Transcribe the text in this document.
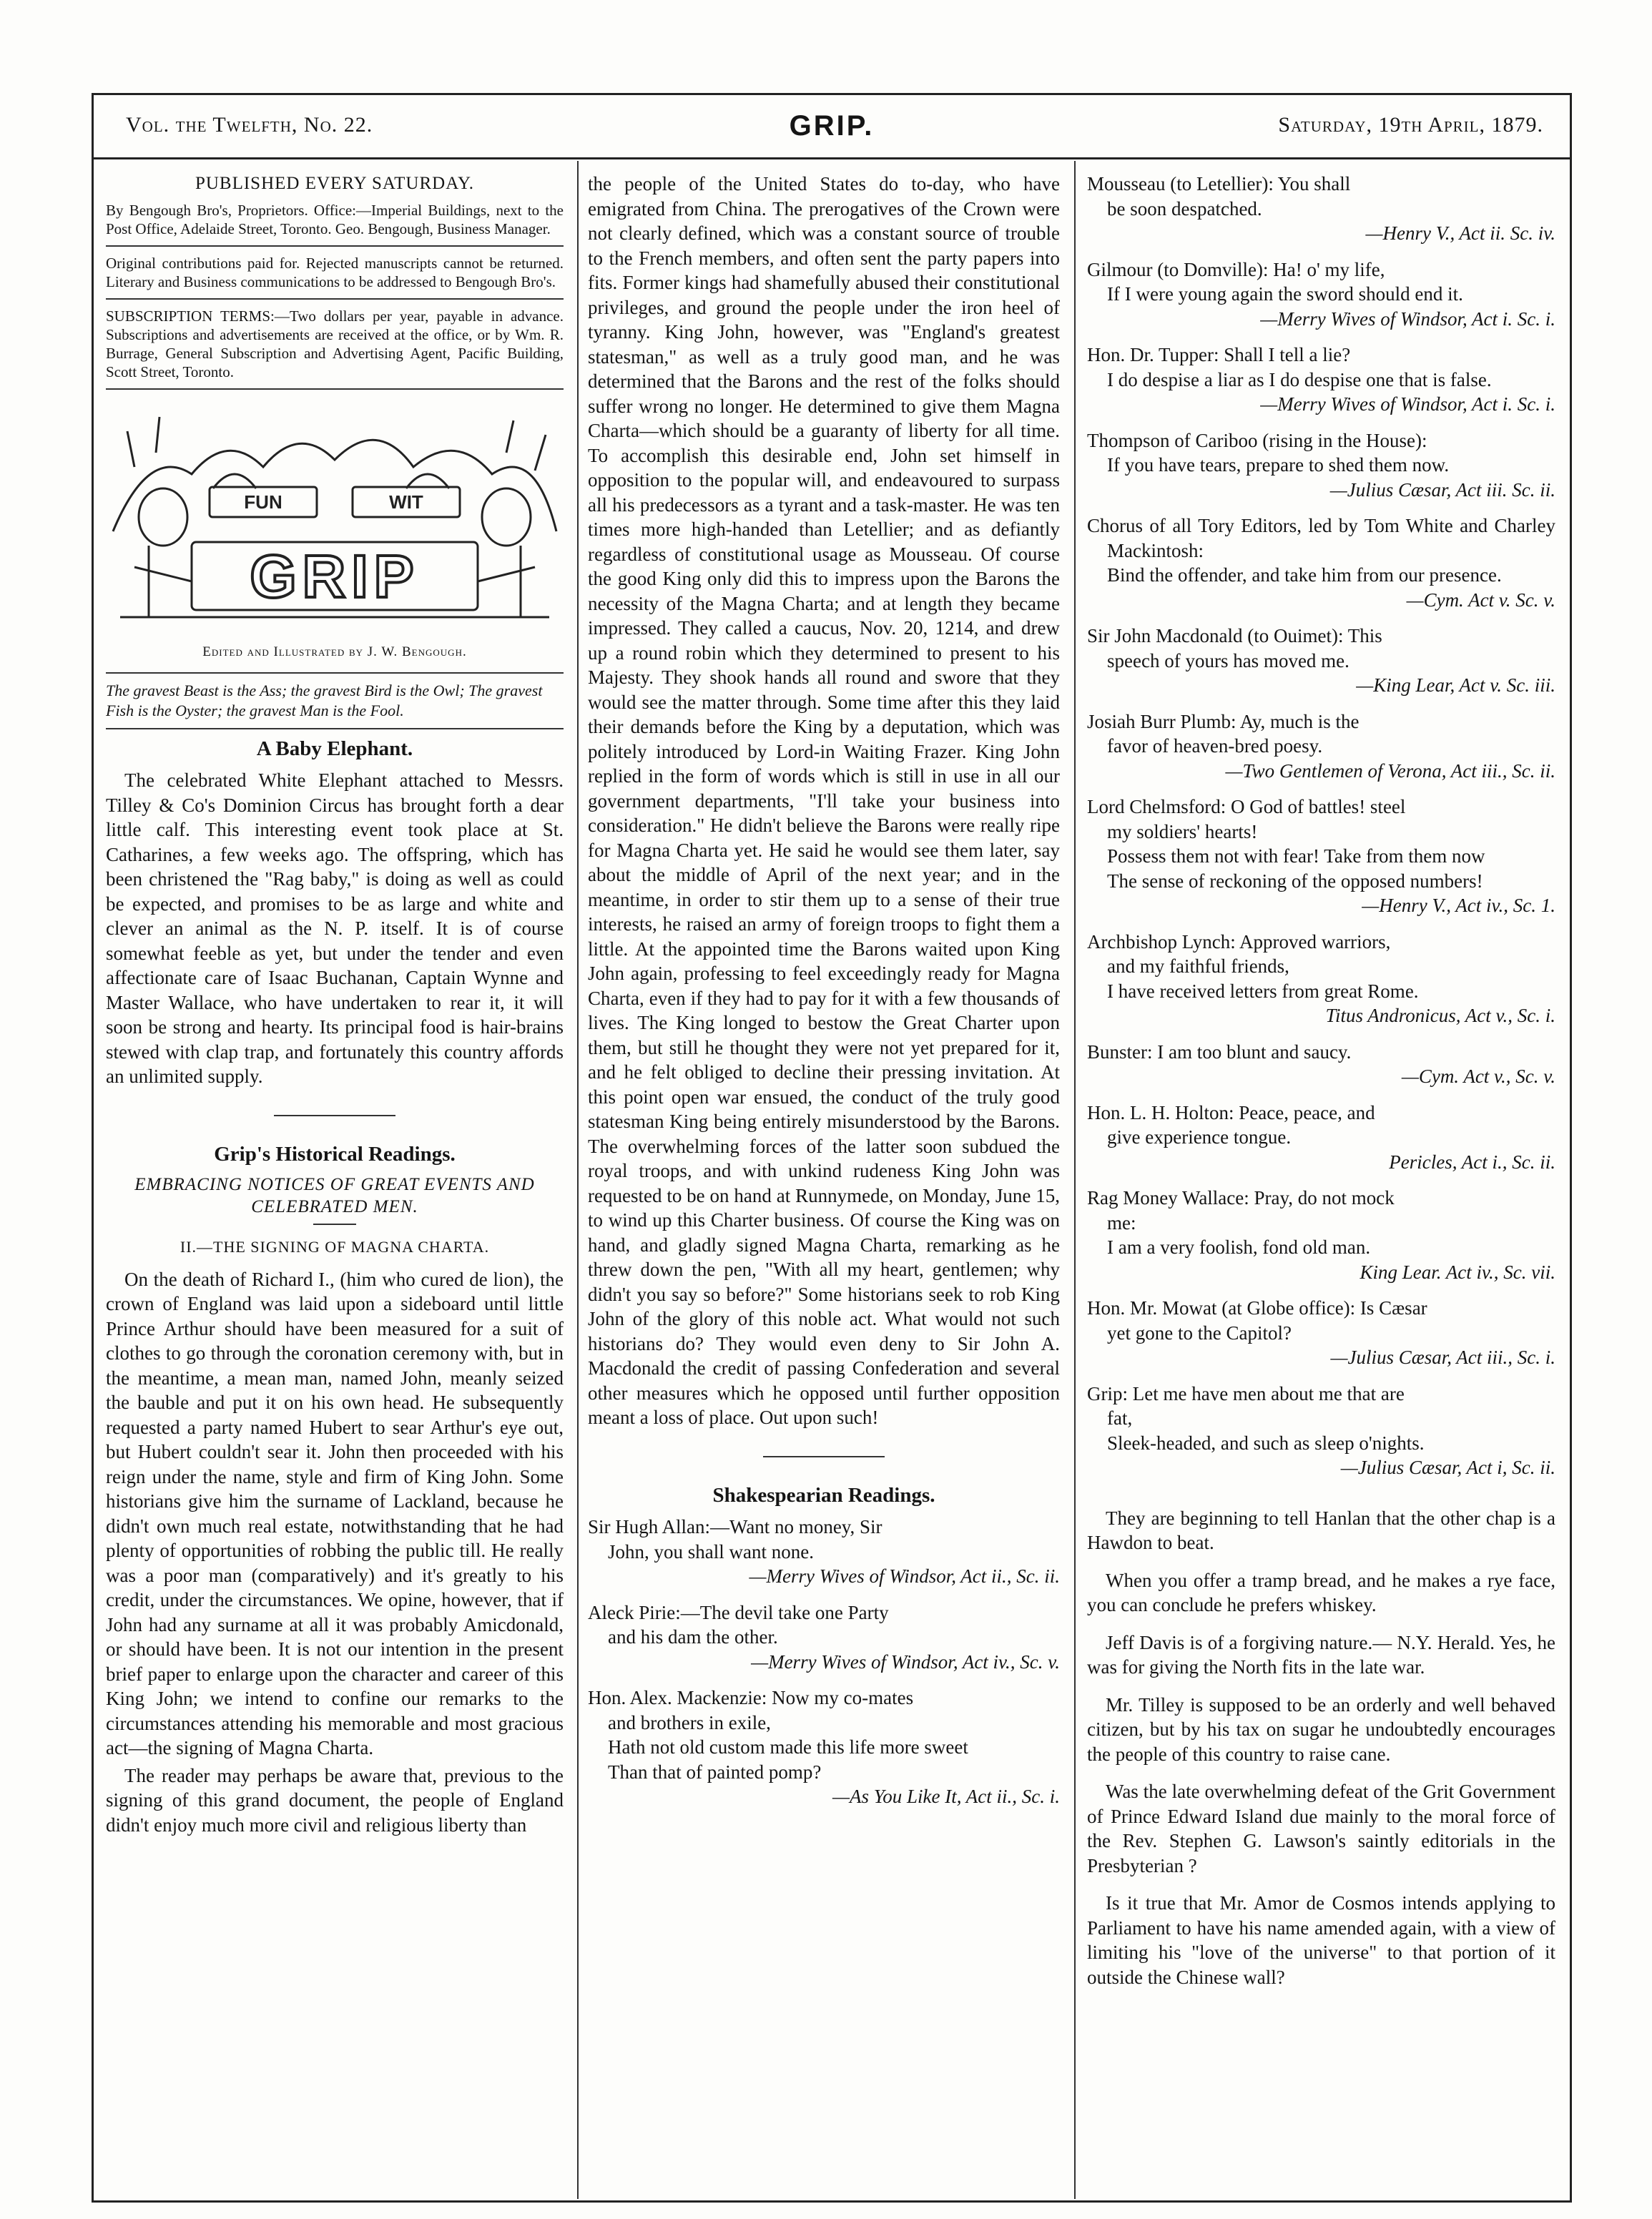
Vol. the Twelfth, No. 22.	GRIP.	Saturday, 19th April, 1879.
PUBLISHED EVERY SATURDAY.
By Bengough Bro's, Proprietors. Office:—Imperial Buildings, next to the Post Office, Adelaide Street, Toronto. Geo. Bengough, Business Manager.
Original contributions paid for. Rejected manuscripts cannot be returned. Literary and Business communications to be addressed to Bengough Bro's.
SUBSCRIPTION TERMS:—Two dollars per year, payable in advance. Subscriptions and advertisements are received at the office, or by Wm. R. Burrage, General Subscription and Advertising Agent, Pacific Building, Scott Street, Toronto.
FUN	WIT
GRIP
Edited and Illustrated by J. W. Bengough.
The gravest Beast is the Ass; the gravest Bird is the Owl; The gravest Fish is the Oyster; the gravest Man is the Fool.
A Baby Elephant.

The celebrated White Elephant attached to Messrs. Tilley & Co's Dominion Circus has brought forth a dear little calf. This interesting event took place at St. Catharines, a few weeks ago. The offspring, which has been christened the "Rag baby," is doing as well as could be expected, and promises to be as large and white and clever an animal as the N. P. itself. It is of course somewhat feeble as yet, but under the tender and even affectionate care of Isaac Buchanan, Captain Wynne and Master Wallace, who have undertaken to rear it, it will soon be strong and hearty. Its principal food is hair-brains stewed with clap trap, and fortunately this country affords an unlimited supply.

Grip's Historical Readings.
EMBRACING NOTICES OF GREAT EVENTS AND CELEBRATED MEN.
II.—THE SIGNING OF MAGNA CHARTA.

On the death of Richard I., (him who cured de lion), the crown of England was laid upon a sideboard until little Prince Arthur should have been measured for a suit of clothes to go through the coronation ceremony with, but in the meantime, a mean man, named John, meanly seized the bauble and put it on his own head. He subsequently requested a party named Hubert to sear Arthur's eye out, but Hubert couldn't sear it. John then proceeded with his reign under the name, style and firm of King John. Some historians give him the surname of Lackland, because he didn't own much real estate, notwithstanding that he had plenty of opportunities of robbing the public till. He really was a poor man (comparatively) and it's greatly to his credit, under the circumstances. We opine, however, that if John had any surname at all it was probably Amicdonald, or should have been. It is not our intention in the present brief paper to enlarge upon the character and career of this King John; we intend to confine our remarks to the circumstances attending his memorable and most gracious act—the signing of Magna Charta.

The reader may perhaps be aware that, previous to the signing of this grand document, the people of England didn't enjoy much more civil and religious liberty than

the people of the United States do to-day, who have emigrated from China. The prerogatives of the Crown were not clearly defined, which was a constant source of trouble to the French members, and often sent the party papers into fits. Former kings had shamefully abused their constitutional privileges, and ground the people under the iron heel of tyranny. King John, however, was "England's greatest statesman," as well as a truly good man, and he was determined that the Barons and the rest of the folks should suffer wrong no longer. He determined to give them Magna Charta—which should be a guaranty of liberty for all time. To accomplish this desirable end, John set himself in opposition to the popular will, and endeavoured to surpass all his predecessors as a tyrant and a task-master. He was ten times more high-handed than Letellier; and as defiantly regardless of constitutional usage as Mousseau. Of course the good King only did this to impress upon the Barons the necessity of the Magna Charta; and at length they became impressed. They called a caucus, Nov. 20, 1214, and drew up a round robin which they determined to present to his Majesty. They shook hands all round and swore that they would see the matter through. Some time after this they laid their demands before the King by a deputation, which was politely introduced by Lord-in Waiting Frazer. King John replied in the form of words which is still in use in all our government departments, "I'll take your business into consideration." He didn't believe the Barons were really ripe for Magna Charta yet. He said he would see them later, say about the middle of April of the next year; and in the meantime, in order to stir them up to a sense of their true interests, he raised an army of foreign troops to fight them a little. At the appointed time the Barons waited upon King John again, professing to feel exceedingly ready for Magna Charta, even if they had to pay for it with a few thousands of lives. The King longed to bestow the Great Charter upon them, but still he thought they were not yet prepared for it, and he felt obliged to decline their pressing invitation. At this point open war ensued, the conduct of the truly good statesman King being entirely misunderstood by the Barons. The overwhelming forces of the latter soon subdued the royal troops, and with unkind rudeness King John was requested to be on hand at Runnymede, on Monday, June 15, to wind up this Charter business. Of course the King was on hand, and gladly signed Magna Charta, remarking as he threw down the pen, "With all my heart, gentlemen; why didn't you say so before?" Some historians seek to rob King John of the glory of this noble act. What would not such historians do? They would even deny to Sir John A. Macdonald the credit of passing Confederation and several other measures which he opposed until further opposition meant a loss of place. Out upon such!

Shakespearian Readings.
Sir Hugh Allan:—Want no money, Sir
John, you shall want none.
—Merry Wives of Windsor, Act ii., Sc. ii.
Aleck Pirie:—The devil take one Party
and his dam the other.
—Merry Wives of Windsor, Act iv., Sc. v.
Hon. Alex. Mackenzie: Now my co-mates
and brothers in exile,
Hath not old custom made this life more sweet
Than that of painted pomp?
—As You Like It, Act ii., Sc. i.
Mousseau (to Letellier): You shall
be soon despatched.
—Henry V., Act ii. Sc. iv.
Gilmour (to Domville): Ha! o' my life,
If I were young again the sword should end it.
—Merry Wives of Windsor, Act i. Sc. i.
Hon. Dr. Tupper: Shall I tell a lie?
I do despise a liar as I do despise one that is false.
—Merry Wives of Windsor, Act i. Sc. i.
Thompson of Cariboo (rising in the House):
If you have tears, prepare to shed them now.
—Julius Cæsar, Act iii. Sc. ii.
Chorus of all Tory Editors, led by Tom White and Charley Mackintosh:
Bind the offender, and take him from our presence.
—Cym. Act v. Sc. v.
Sir John Macdonald (to Ouimet): This
speech of yours has moved me.
—King Lear, Act v. Sc. iii.
Josiah Burr Plumb: Ay, much is the
favor of heaven-bred poesy.
—Two Gentlemen of Verona, Act iii., Sc. ii.
Lord Chelmsford: O God of battles! steel
my soldiers' hearts!
Possess them not with fear! Take from them now
The sense of reckoning of the opposed numbers!
—Henry V., Act iv., Sc. 1.
Archbishop Lynch: Approved warriors,
and my faithful friends,
I have received letters from great Rome.
Titus Andronicus, Act v., Sc. i.
Bunster: I am too blunt and saucy.
—Cym. Act v., Sc. v.
Hon. L. H. Holton: Peace, peace, and
give experience tongue.
Pericles, Act i., Sc. ii.
Rag Money Wallace: Pray, do not mock
me:
I am a very foolish, fond old man.
King Lear. Act iv., Sc. vii.
Hon. Mr. Mowat (at Globe office): Is Cæsar
yet gone to the Capitol?
—Julius Cæsar, Act iii., Sc. i.
Grip: Let me have men about me that are
fat,
Sleek-headed, and such as sleep o'nights.
—Julius Cæsar, Act i, Sc. ii.

They are beginning to tell Hanlan that the other chap is a Hawdon to beat.

When you offer a tramp bread, and he makes a rye face, you can conclude he prefers whiskey.

Jeff Davis is of a forgiving nature.— N.Y. Herald. Yes, he was for giving the North fits in the late war.

Mr. Tilley is supposed to be an orderly and well behaved citizen, but by his tax on sugar he undoubtedly encourages the people of this country to raise cane.

Was the late overwhelming defeat of the Grit Government of Prince Edward Island due mainly to the moral force of the Rev. Stephen G. Lawson's saintly editorials in the Presbyterian ?

Is it true that Mr. Amor de Cosmos intends applying to Parliament to have his name amended again, with a view of limiting his "love of the universe" to that portion of it outside the Chinese wall?
